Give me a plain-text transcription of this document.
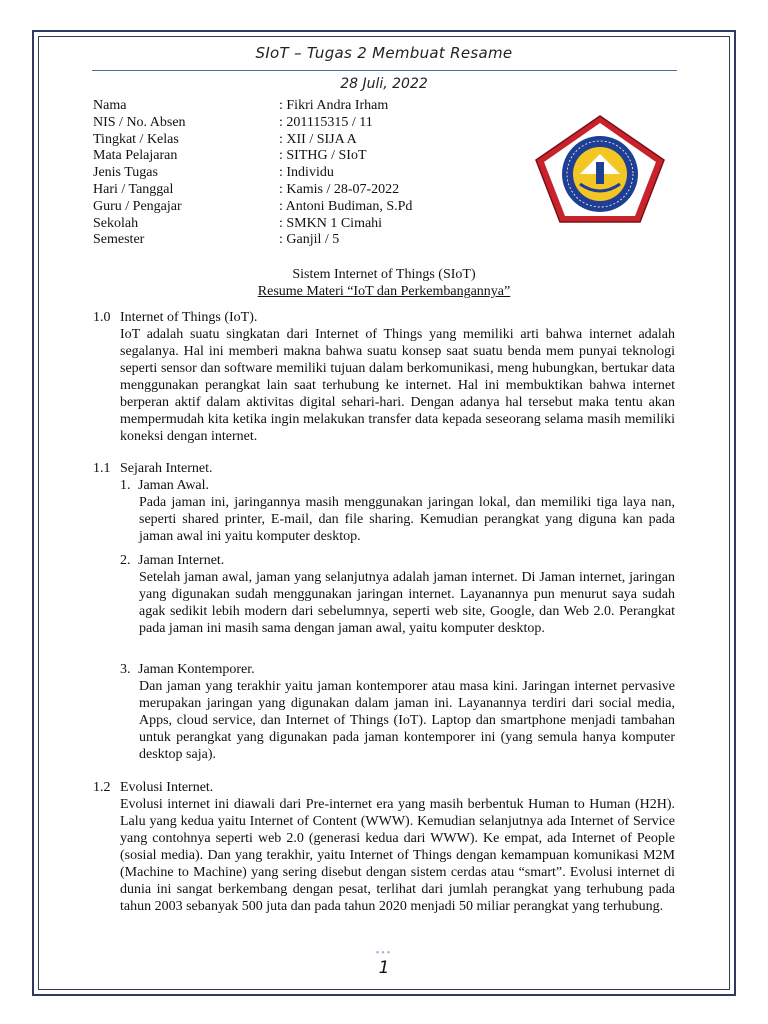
SIoT – Tugas 2 Membuat Resame
28 Juli, 2022
Nama	: Fikri Andra Irham
NIS / No. Absen	: 201115315 / 11
Tingkat / Kelas	: XII / SIJA A
Mata Pelajaran	: SITHG / SIoT
Jenis Tugas	: Individu
Hari / Tanggal	: Kamis / 28-07-2022
Guru / Pengajar	: Antoni Budiman, S.Pd
Sekolah	: SMKN 1 Cimahi
Semester	: Ganjil / 5
Sistem Internet of Things (SIoT)
Resume Materi “IoT dan Perkembangannya”
1.0 Internet of Things (IoT).
IoT adalah suatu singkatan dari Internet of Things yang memiliki arti bahwa internet adalah segalanya. Hal ini memberi makna bahwa suatu konsep saat suatu benda mem punyai teknologi seperti sensor dan software memiliki tujuan dalam berkomunikasi, meng hubungkan, bertukar data menggunakan perangkat lain saat terhubung ke internet. Hal ini membuktikan bahwa internet berperan aktif dalam aktivitas digital sehari-hari. Dengan adanya hal tersebut maka tentu akan mempermudah kita ketika ingin melakukan transfer data kepada seseorang selama masih memiliki koneksi dengan internet.
1.1 Sejarah Internet.
1. Jaman Awal.
Pada jaman ini, jaringannya masih menggunakan jaringan lokal, dan memiliki tiga laya nan, seperti shared printer, E-mail, dan file sharing. Kemudian perangkat yang diguna kan pada jaman awal ini yaitu komputer desktop.
2. Jaman Internet.
Setelah jaman awal, jaman yang selanjutnya adalah jaman internet. Di Jaman internet, jaringan yang digunakan sudah menggunakan jaringan internet. Layanannya pun menurut saya sudah agak sedikit lebih modern dari sebelumnya, seperti web site, Google, dan Web 2.0. Perangkat pada jaman ini masih sama dengan jaman awal, yaitu komputer desktop.
3. Jaman Kontemporer.
Dan jaman yang terakhir yaitu jaman kontemporer atau masa kini. Jaringan internet pervasive merupakan jaringan yang digunakan dalam jaman ini. Layanannya terdiri dari social media, Apps, cloud service, dan Internet of Things (IoT). Laptop dan smartphone menjadi tambahan untuk perangkat yang digunakan pada jaman kontemporer ini (yang semula hanya komputer desktop saja).
1.2 Evolusi Internet.
Evolusi internet ini diawali dari Pre-internet era yang masih berbentuk Human to Human (H2H). Lalu yang kedua yaitu Internet of Content (WWW). Kemudian selanjutnya ada Internet of Service yang contohnya seperti web 2.0 (generasi kedua dari WWW). Ke empat, ada Internet of People (sosial media). Dan yang terakhir, yaitu Internet of Things dengan kemampuan komunikasi M2M (Machine to Machine) yang sering disebut dengan sistem cerdas atau “smart”. Evolusi internet di dunia ini sangat berkembang dengan pesat, terlihat dari jumlah perangkat yang terhubung pada tahun 2003 sebanyak 500 juta dan pada tahun 2020 menjadi 50 miliar perangkat yang terhubung.
•••
1
